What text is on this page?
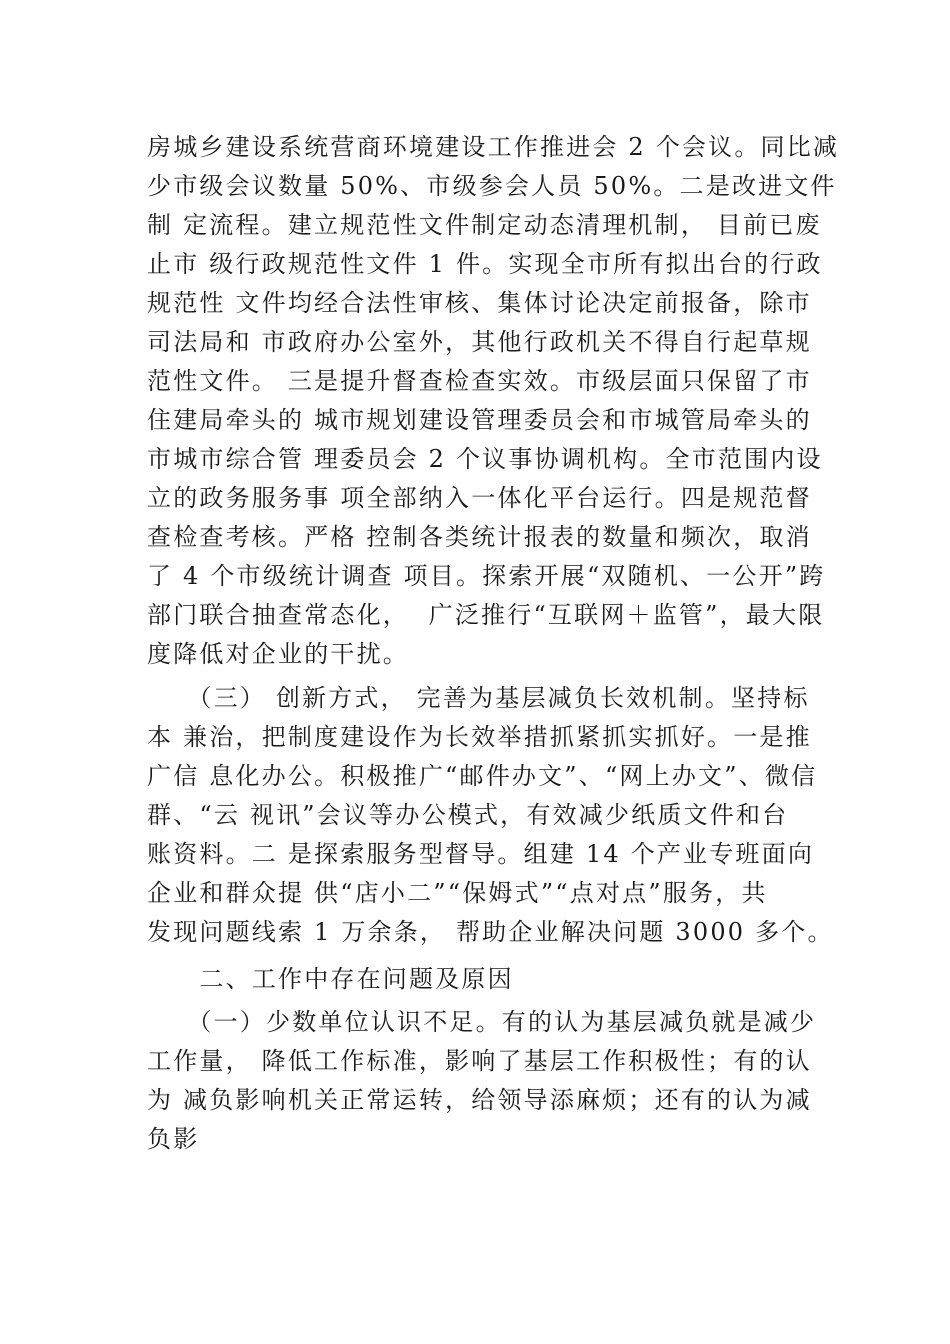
房城乡建设系统营商环境建设工作推进会 2 个会议。同比减
少市级会议数量 50%、市级参会人员 50%。二是改进文件
制 定流程。建立规范性文件制定动态清理机制， 目前已废
止市 级行政规范性文件 1 件。实现全市所有拟出台的行政
规范性 文件均经合法性审核、集体讨论决定前报备，除市
司法局和 市政府办公室外，其他行政机关不得自行起草规
范性文件。 三是提升督查检查实效。市级层面只保留了市
住建局牵头的 城市规划建设管理委员会和市城管局牵头的
市城市综合管 理委员会 2 个议事协调机构。全市范围内设
立的政务服务事 项全部纳入一体化平台运行。四是规范督
查检查考核。严格 控制各类统计报表的数量和频次，取消
了 4 个市级统计调查 项目。探索开展“双随机、一公开”跨
部门联合抽查常态化，  广泛推行“互联网＋监管”，最大限
度降低对企业的干扰。
　　（三） 创新方式， 完善为基层减负长效机制。坚持标
本 兼治，把制度建设作为长效举措抓紧抓实抓好。一是推
广信 息化办公。积极推广“邮件办文”、“网上办文”、微信
群、“云 视讯”会议等办公模式，有效减少纸质文件和台
账资料。二 是探索服务型督导。组建 14 个产业专班面向
企业和群众提 供“店小二”“保姆式”“点对点”服务，共
发现问题线索 1 万余条， 帮助企业解决问题 3000 多个。
　　二、工作中存在问题及原因
　　（一）少数单位认识不足。有的认为基层减负就是减少
工作量， 降低工作标准，影响了基层工作积极性；有的认
为 减负影响机关正常运转，给领导添麻烦；还有的认为减
负影
